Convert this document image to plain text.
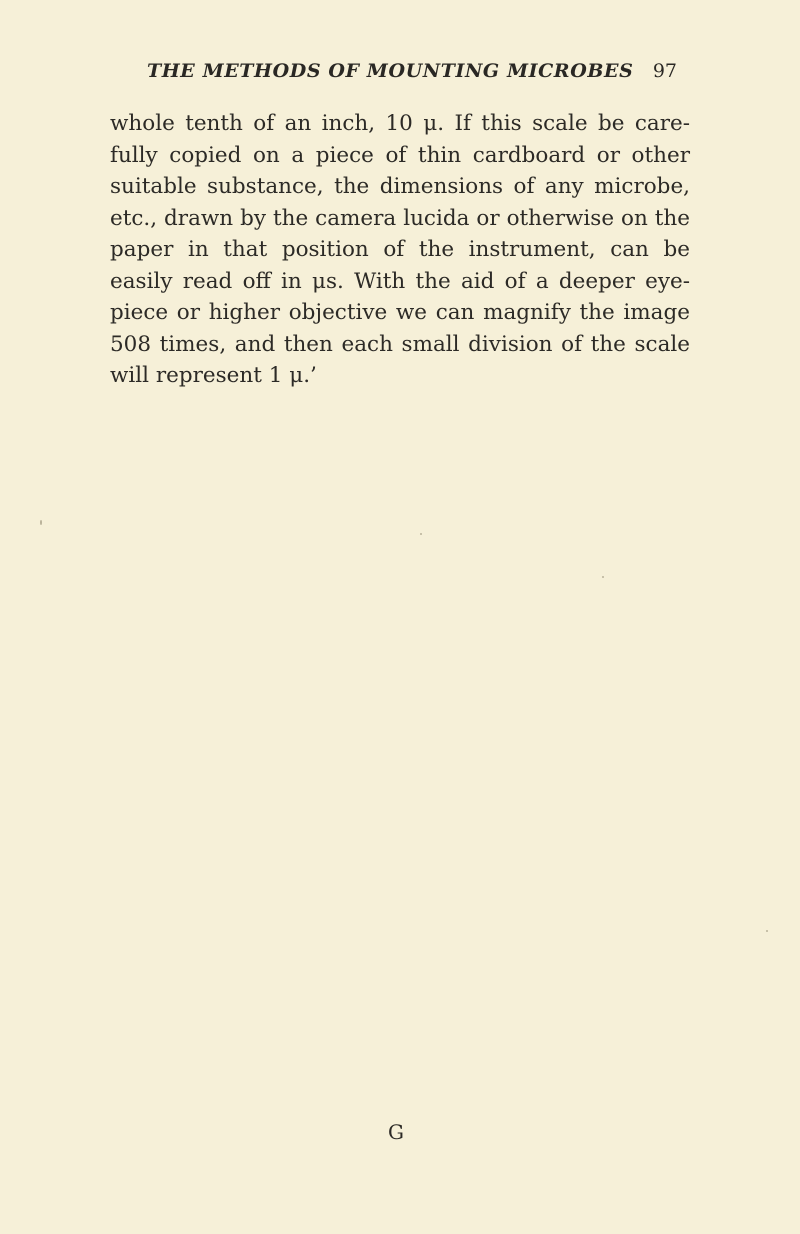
THE METHODS OF MOUNTING MICROBES 97
whole tenth of an inch, 10 μ. If this scale be care-
fully copied on a piece of thin cardboard or other
suitable substance, the dimensions of any microbe,
etc., drawn by the camera lucida or otherwise on the
paper in that position of the instrument, can be
easily read off in μs. With the aid of a deeper eye-
piece or higher objective we can magnify the image
508 times, and then each small division of the scale
will represent 1 μ.’
G
